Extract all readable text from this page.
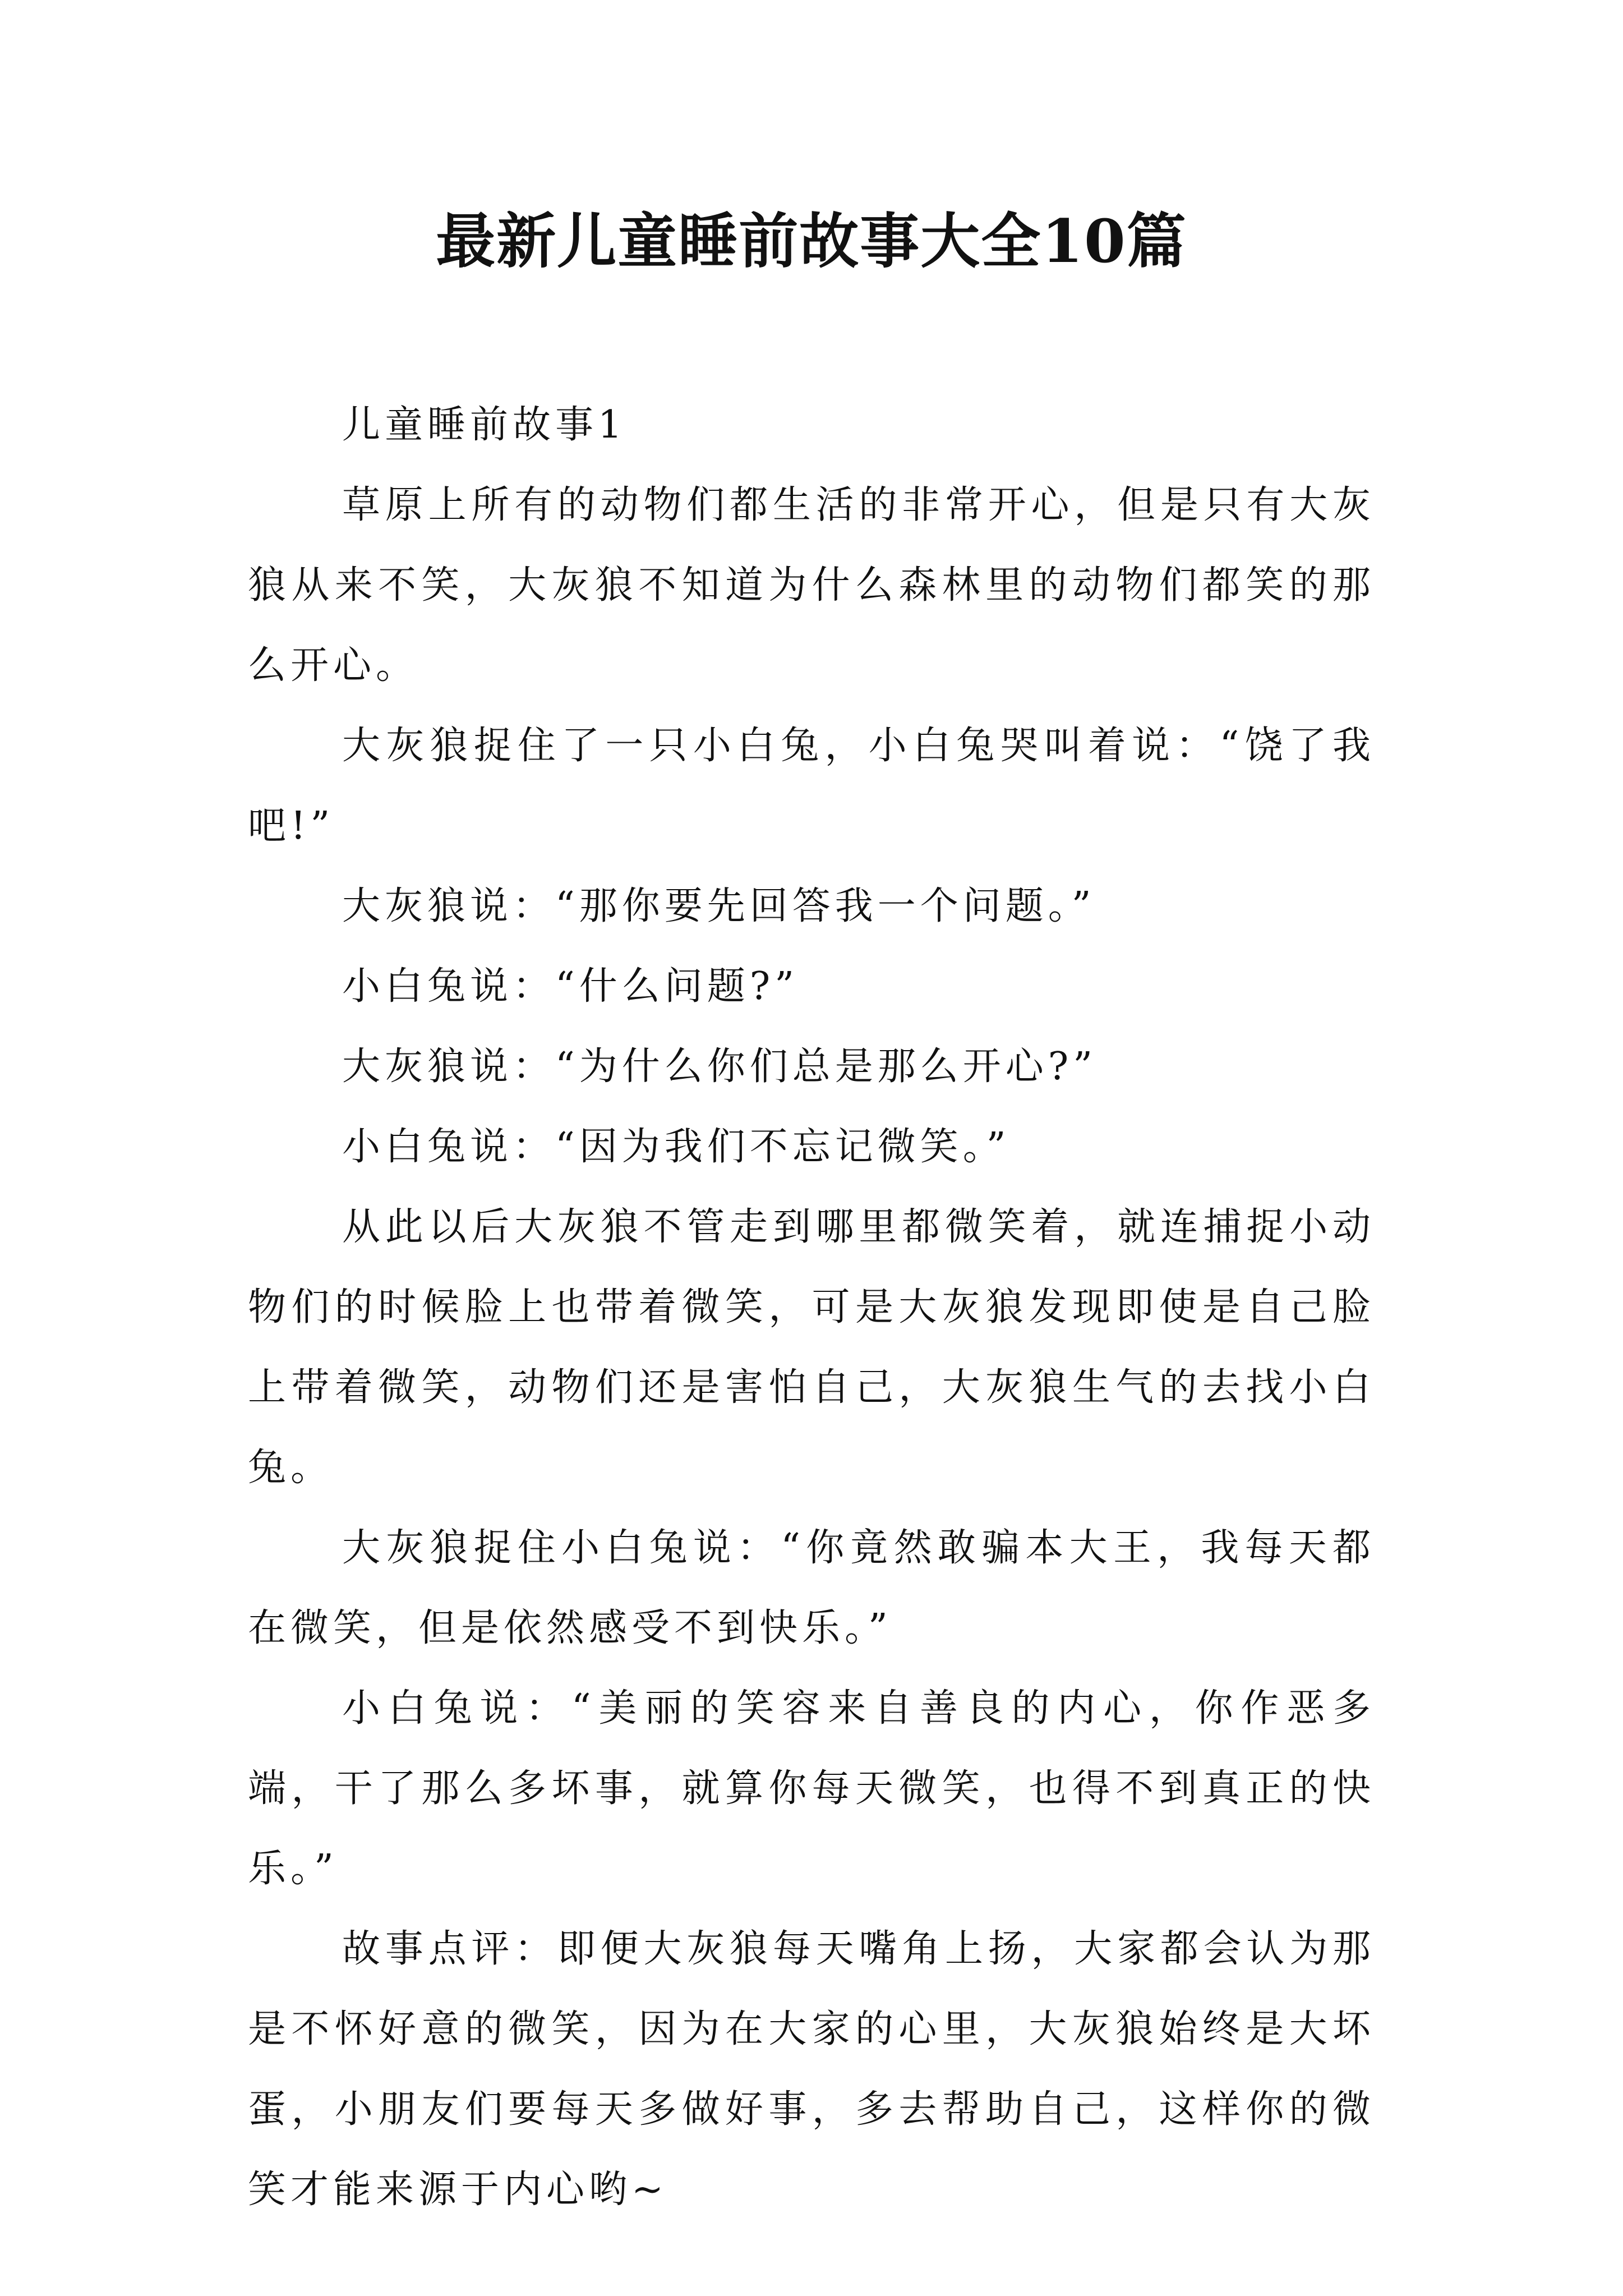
最新儿童睡前故事大全10篇

儿童睡前故事1

草原上所有的动物们都生活的非常开心，但是只有大灰狼从来不笑，大灰狼不知道为什么森林里的动物们都笑的那么开心。

大灰狼捉住了一只小白兔，小白兔哭叫着说：“饶了我吧!”

大灰狼说：“那你要先回答我一个问题。”

小白兔说：“什么问题?”

大灰狼说：“为什么你们总是那么开心?”

小白兔说：“因为我们不忘记微笑。”

从此以后大灰狼不管走到哪里都微笑着，就连捕捉小动物们的时候脸上也带着微笑，可是大灰狼发现即使是自己脸上带着微笑，动物们还是害怕自己，大灰狼生气的去找小白兔。

大灰狼捉住小白兔说：“你竟然敢骗本大王，我每天都在微笑，但是依然感受不到快乐。”

小白兔说：“美丽的笑容来自善良的内心，你作恶多端，干了那么多坏事，就算你每天微笑，也得不到真正的快乐。”

故事点评：即便大灰狼每天嘴角上扬，大家都会认为那是不怀好意的微笑，因为在大家的心里，大灰狼始终是大坏蛋，小朋友们要每天多做好事，多去帮助自己，这样你的微笑才能来源于内心哟~
